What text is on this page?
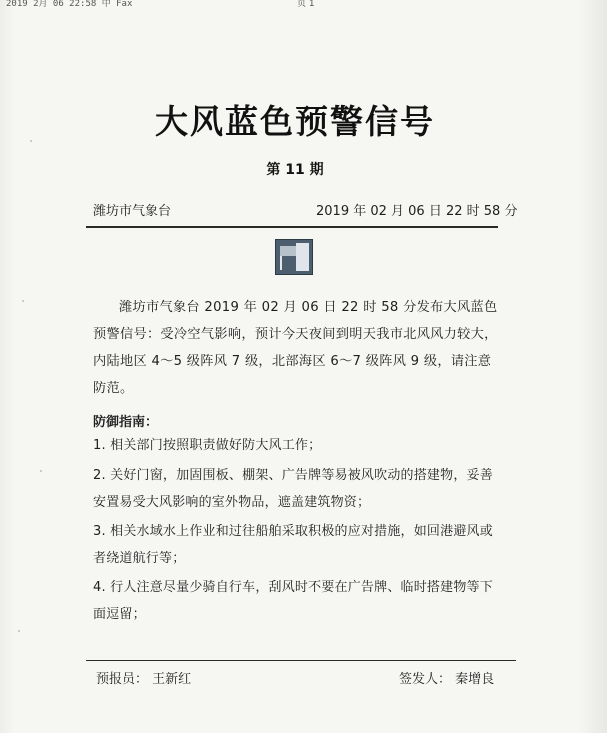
2019 2月 06 22:58 中 Fax	页 1
大风蓝色预警信号
第 11 期
潍坊市气象台	2019 年 02 月 06 日 22 时 58 分
潍坊市气象台 2019 年 02 月 06 日 22 时 58 分发布大风蓝色预警信号：受冷空气影响，预计今天夜间到明天我市北风风力较大，内陆地区 4～5 级阵风 7 级，北部海区 6～7 级阵风 9 级，请注意防范。
防御指南：
1. 相关部门按照职责做好防大风工作；
2. 关好门窗，加固围板、棚架、广告牌等易被风吹动的搭建物，妥善安置易受大风影响的室外物品，遮盖建筑物资；
3. 相关水域水上作业和过往船舶采取积极的应对措施，如回港避风或者绕道航行等；
4. 行人注意尽量少骑自行车，刮风时不要在广告牌、临时搭建物等下面逗留；
预报员： 王新红	签发人： 秦增良
